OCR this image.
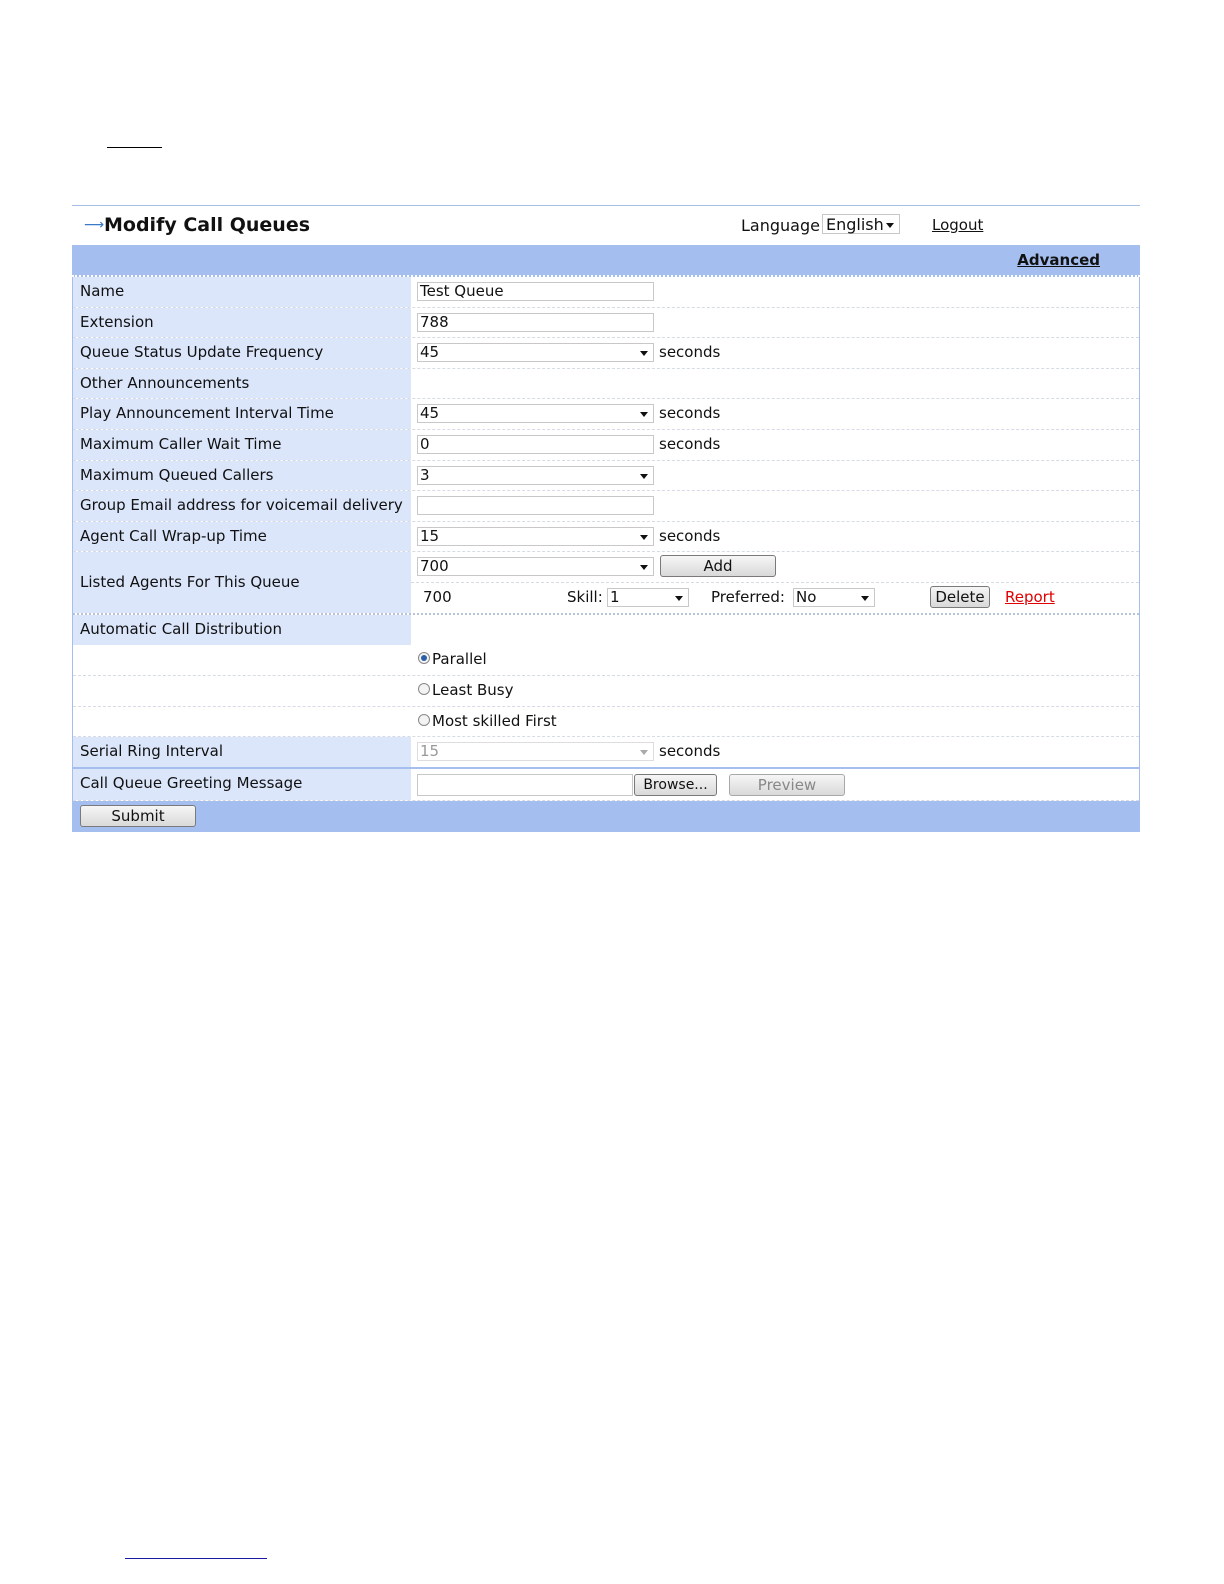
⟶ Modify Call Queues	Language English	Logout
Advanced
Name	Test Queue
Extension	788
Queue Status Update Frequency	45	seconds
Other Announcements
Play Announcement Interval Time	45	seconds
Maximum Caller Wait Time	0	seconds
Maximum Queued Callers	3
Group Email address for voicemail delivery
Agent Call Wrap-up Time	15	seconds
Listed Agents For This Queue
700	Add
700	Skill: 1	Preferred: No	Delete	Report
Automatic Call Distribution
Parallel
Least Busy
Most skilled First
Serial Ring Interval	15	seconds
Call Queue Greeting Message	Browse...	Preview
Submit
